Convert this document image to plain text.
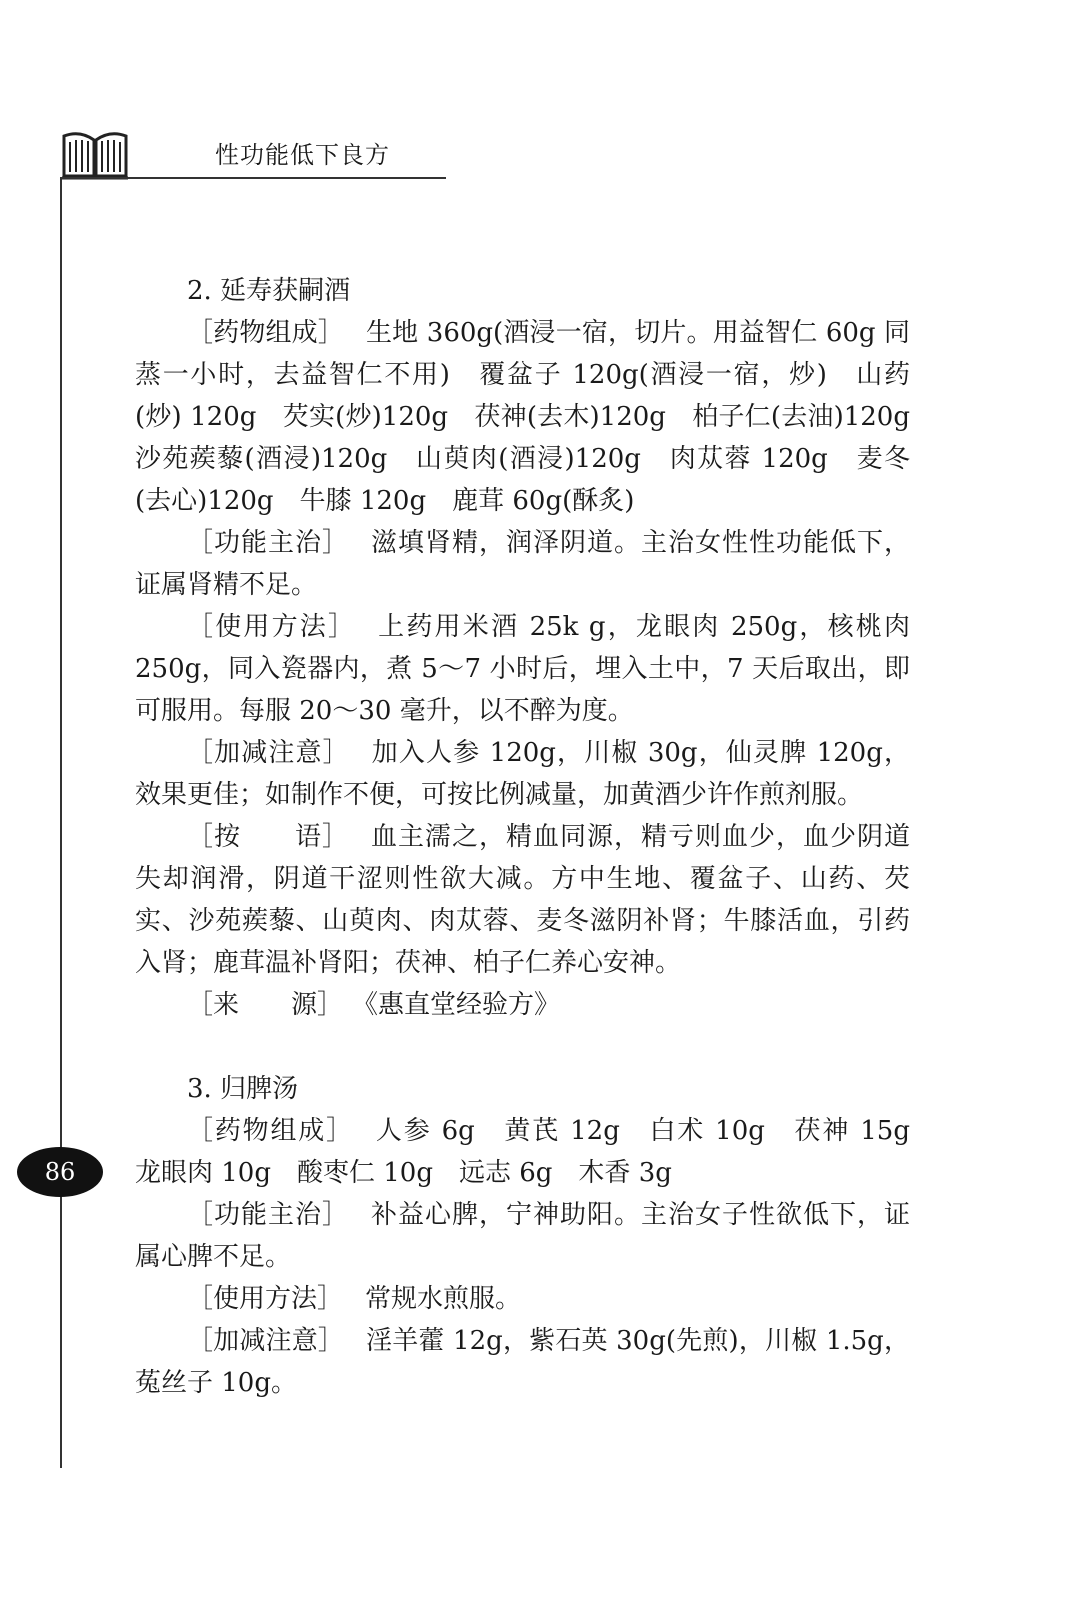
性功能低下良方
86
2. 延寿获嗣酒

［药物组成］ 生地 360g(酒浸一宿，切片。用益智仁 60g 同蒸一小时，去益智仁不用)　覆盆子 120g(酒浸一宿，炒)　山药(炒) 120g　芡实(炒)120g　茯神(去木)120g　柏子仁(去油)120g　沙苑蒺藜(酒浸)120g　山萸肉(酒浸)120g　肉苁蓉 120g　麦冬(去心)120g　牛膝 120g　鹿茸 60g(酥炙)

［功能主治］ 滋填肾精，润泽阴道。主治女性性功能低下，证属肾精不足。

［使用方法］ 上药用米酒 25k g，龙眼肉 250g，核桃肉 250g，同入瓷器内，煮 5～7 小时后，埋入土中，7 天后取出，即可服用。每服 20～30 毫升，以不醉为度。

［加减注意］ 加入人参 120g，川椒 30g，仙灵脾 120g，效果更佳；如制作不便，可按比例减量，加黄酒少许作煎剂服。

［按　　语］ 血主濡之，精血同源，精亏则血少，血少阴道失却润滑，阴道干涩则性欲大减。方中生地、覆盆子、山药、芡实、沙苑蒺藜、山萸肉、肉苁蓉、麦冬滋阴补肾；牛膝活血，引药入肾；鹿茸温补肾阳；茯神、柏子仁养心安神。

［来　　源］ 《惠直堂经验方》

3. 归脾汤

［药物组成］ 人参 6g　黄芪 12g　白术 10g　茯神 15g　龙眼肉 10g　酸枣仁 10g　远志 6g　木香 3g

［功能主治］ 补益心脾，宁神助阳。主治女子性欲低下，证属心脾不足。

［使用方法］ 常规水煎服。

［加减注意］ 淫羊藿 12g，紫石英 30g(先煎)，川椒 1.5g，菟丝子 10g。
